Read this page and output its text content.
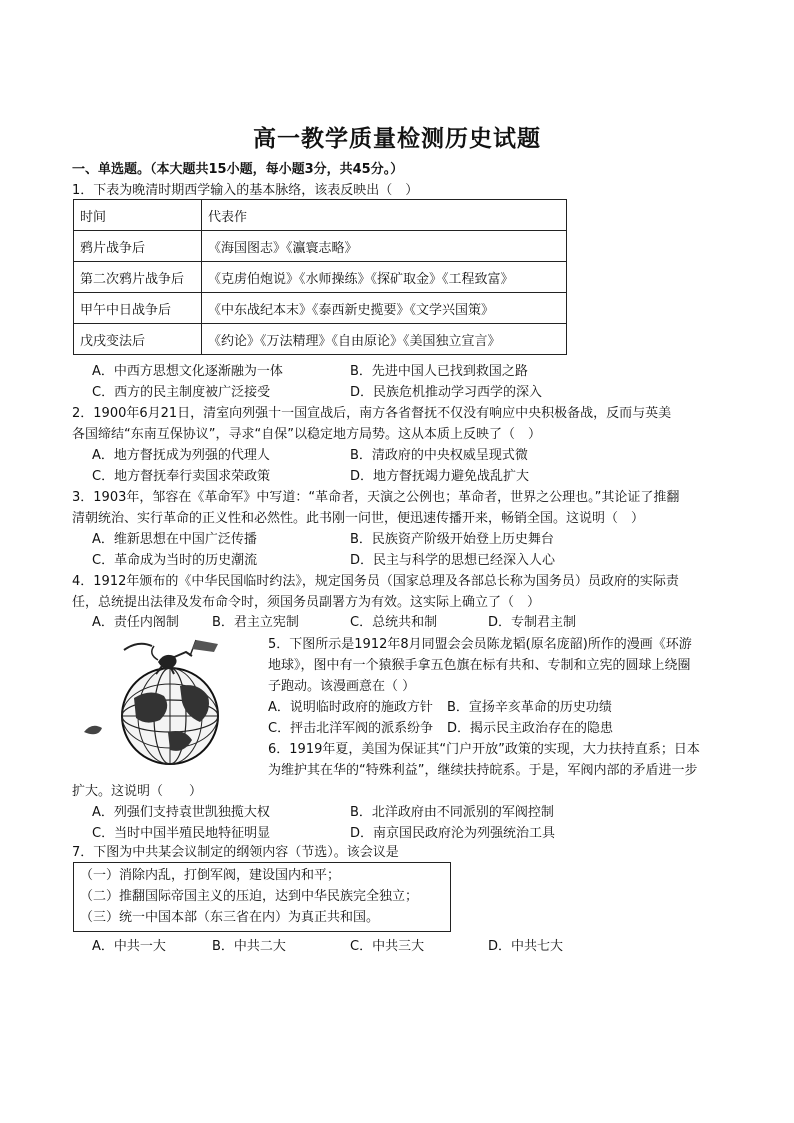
高一教学质量检测历史试题
一、单选题。（本大题共15小题，每小题3分，共45分。）
1．下表为晚清时期西学输入的基本脉络，该表反映出（　）
时间	代表作
鸦片战争后	《海国图志》《瀛寰志略》
第二次鸦片战争后	《克虏伯炮说》《水师操练》《探矿取金》《工程致富》
甲午中日战争后	《中东战纪本末》《泰西新史揽要》《文学兴国策》
戊戌变法后	《约论》《万法精理》《自由原论》《美国独立宣言》
A．中西方思想文化逐渐融为一体	B．先进中国人已找到救国之路
C．西方的民主制度被广泛接受	D．民族危机推动学习西学的深入
2．1900年6月21日，清室向列强十一国宣战后，南方各省督抚不仅没有响应中央积极备战，反而与英美
各国缔结“东南互保协议”，寻求“自保”以稳定地方局势。这从本质上反映了（　）
A．地方督抚成为列强的代理人	B．清政府的中央权威呈现式微
C．地方督抚奉行卖国求荣政策	D．地方督抚竭力避免战乱扩大
3．1903年，邹容在《革命军》中写道：“革命者，天演之公例也；革命者，世界之公理也。”其论证了推翻
清朝统治、实行革命的正义性和必然性。此书刚一问世，便迅速传播开来，畅销全国。这说明（　）
A．维新思想在中国广泛传播	B．民族资产阶级开始登上历史舞台
C．革命成为当时的历史潮流	D．民主与科学的思想已经深入人心
4．1912年颁布的《中华民国临时约法》，规定国务员（国家总理及各部总长称为国务员）员政府的实际责
任，总统提出法律及发布命令时，须国务员副署方为有效。这实际上确立了（　）
A．责任内阁制	B．君主立宪制	C．总统共和制	D．专制君主制
5．下图所示是1912年8月同盟会会员陈龙韬(原名庞韶)所作的漫画《环游
地球》，图中有一个猿猴手拿五色旗在标有共和、专制和立宪的圆球上绕圈
子跑动。该漫画意在（ ）
A．说明临时政府的施政方针 B．宣扬辛亥革命的历史功绩
C．抨击北洋军阀的派系纷争 D．揭示民主政治存在的隐患
6．1919年夏，美国为保证其“门户开放”政策的实现，大力扶持直系；日本
为维护其在华的“特殊利益”，继续扶持皖系。于是，军阀内部的矛盾进一步
扩大。这说明（　　）
A．列强们支持袁世凯独揽大权	B．北洋政府由不同派别的军阀控制
C．当时中国半殖民地特征明显	D．南京国民政府沦为列强统治工具
7．下图为中共某会议制定的纲领内容（节选）。该会议是
（一）消除内乱，打倒军阀，建设国内和平；
（二）推翻国际帝国主义的压迫，达到中华民族完全独立；
（三）统一中国本部（东三省在内）为真正共和国。
A．中共一大	B．中共二大	C．中共三大	D．中共七大
